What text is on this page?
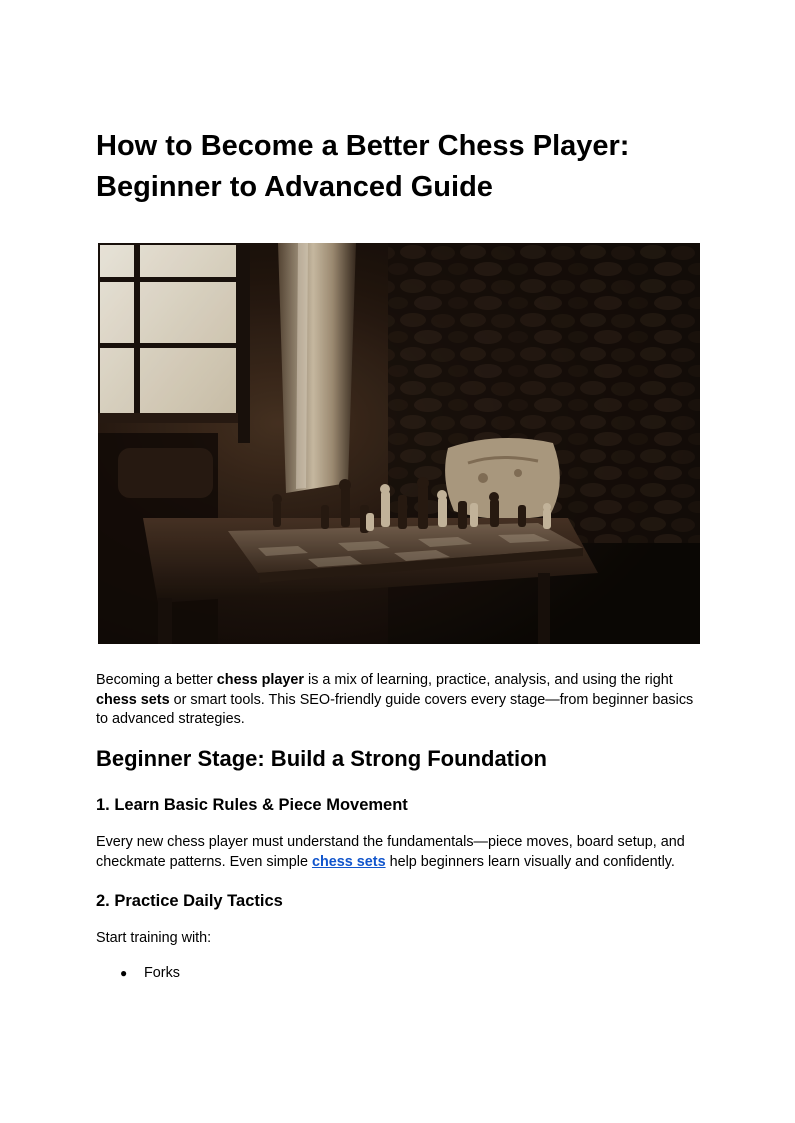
How to Become a Better Chess Player:
Beginner to Advanced Guide

Becoming a better chess player is a mix of learning, practice, analysis, and using the right chess sets or smart tools. This SEO-friendly guide covers every stage—from beginner basics to advanced strategies.

Beginner Stage: Build a Strong Foundation
1. Learn Basic Rules & Piece Movement

Every new chess player must understand the fundamentals—piece moves, board setup, and checkmate patterns. Even simple chess sets help beginners learn visually and confidently.

2. Practice Daily Tactics

Start training with:

● Forks
